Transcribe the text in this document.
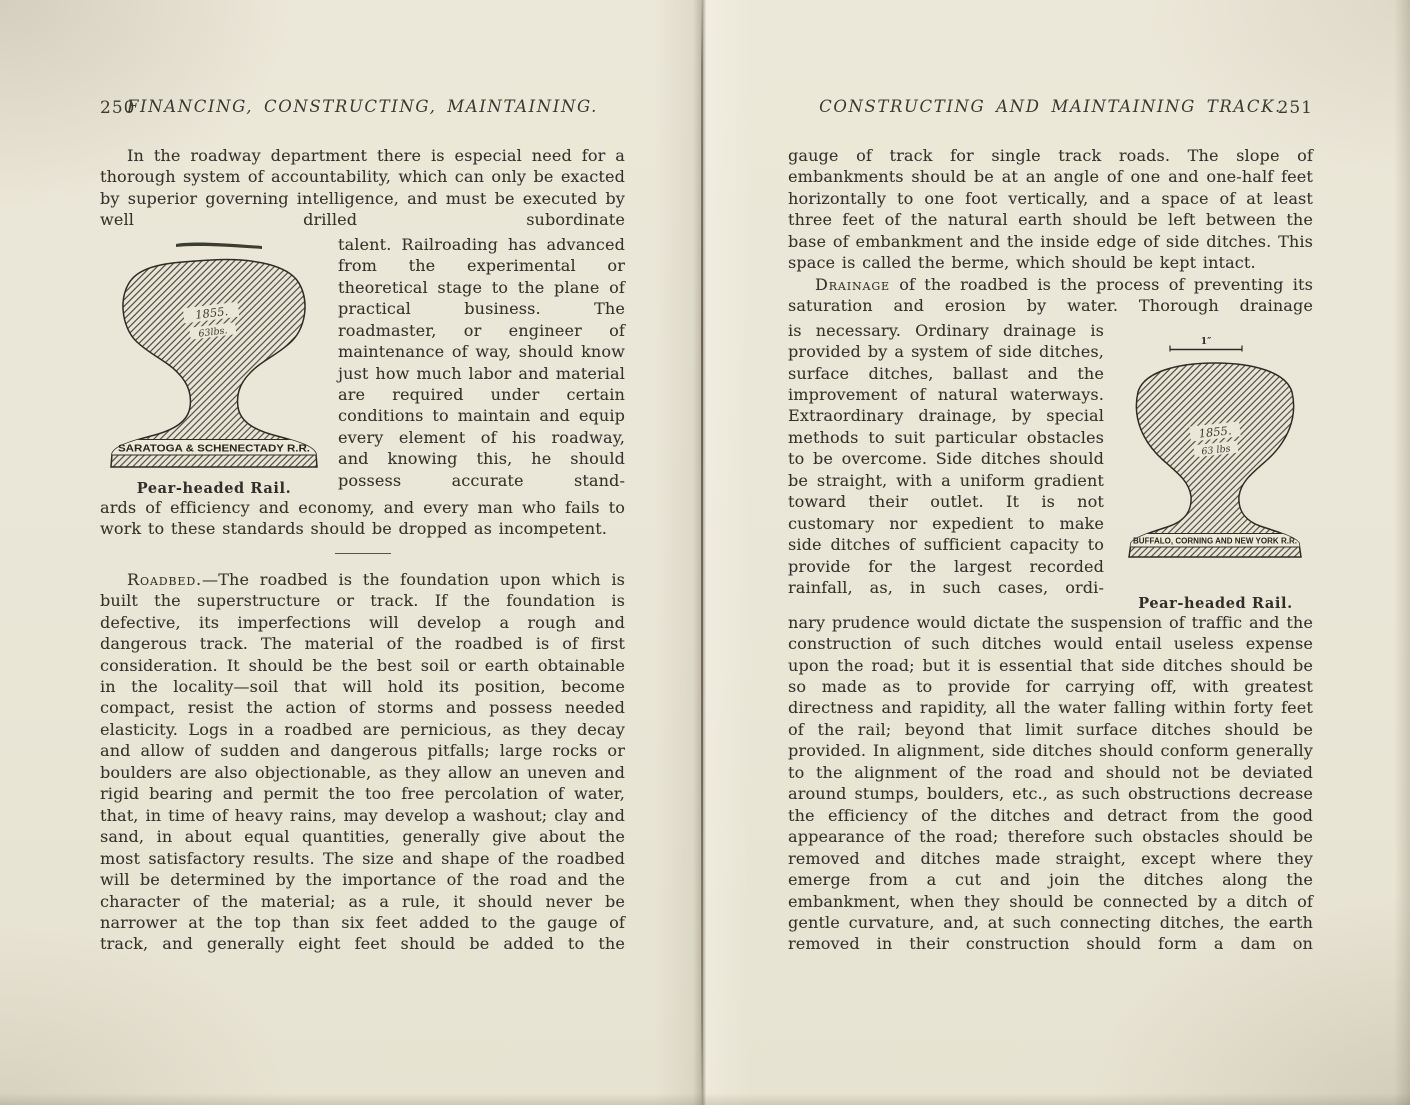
250
FINANCING, CONSTRUCTING, MAINTAINING.

In the roadway department there is especial need for a thorough system of accountability, which can only be exacted by superior governing intelligence, and must be executed by well drilled subordinate

SARATOGA & SCHENECTADY R.R.
1855.
63lbs.
Pear-headed Rail.

talent. Railroading has advanced from the experimental or theoretical stage to the plane of practical business. The roadmaster, or engineer of maintenance of way, should know just how much labor and material are required under certain conditions to maintain and equip every element of his roadway, and knowing this, he should possess accurate stand-

ards of efficiency and economy, and every man who fails to work to these standards should be dropped as incompetent.

Roadbed.—The roadbed is the foundation upon which is built the superstructure or track. If the foundation is defective, its imperfections will develop a rough and dangerous track. The material of the roadbed is of first consideration. It should be the best soil or earth obtainable in the locality—soil that will hold its position, become compact, resist the action of storms and possess needed elasticity. Logs in a roadbed are pernicious, as they decay and allow of sudden and dangerous pitfalls; large rocks or boulders are also objectionable, as they allow an uneven and rigid bearing and permit the too free percolation of water, that, in time of heavy rains, may develop a washout; clay and sand, in about equal quantities, generally give about the most satisfactory results. The size and shape of the roadbed will be determined by the importance of the road and the character of the material; as a rule, it should never be narrower at the top than six feet added to the gauge of track, and generally eight feet should be added to the

CONSTRUCTING AND MAINTAINING TRACK.
251

gauge of track for single track roads. The slope of embankments should be at an angle of one and one-half feet horizontally to one foot vertically, and a space of at least three feet of the natural earth should be left between the base of embankment and the inside edge of side ditches. This space is called the berme, which should be kept intact.

Drainage of the roadbed is the process of preventing its saturation and erosion by water. Thorough drainage

is necessary. Ordinary drainage is provided by a system of side ditches, surface ditches, ballast and the improvement of natural waterways. Extraordinary drainage, by special methods to suit particular obstacles to be overcome. Side ditches should be straight, with a uniform gradient toward their outlet. It is not customary nor expedient to make side ditches of sufficient capacity to provide for the largest recorded rainfall, as, in such cases, ordi-

1″
BUFFALO, CORNING AND NEW YORK R.R.
1855.
63 lbs
Pear-headed Rail.

nary prudence would dictate the suspension of traffic and the construction of such ditches would entail useless expense upon the road; but it is essential that side ditches should be so made as to provide for carrying off, with greatest directness and rapidity, all the water falling within forty feet of the rail; beyond that limit surface ditches should be provided. In alignment, side ditches should conform generally to the alignment of the road and should not be deviated around stumps, boulders, etc., as such obstructions decrease the efficiency of the ditches and detract from the good appearance of the road; therefore such obstacles should be removed and ditches made straight, except where they emerge from a cut and join the ditches along the embankment, when they should be connected by a ditch of gentle curvature, and, at such connecting ditches, the earth removed in their construction should form a dam on
